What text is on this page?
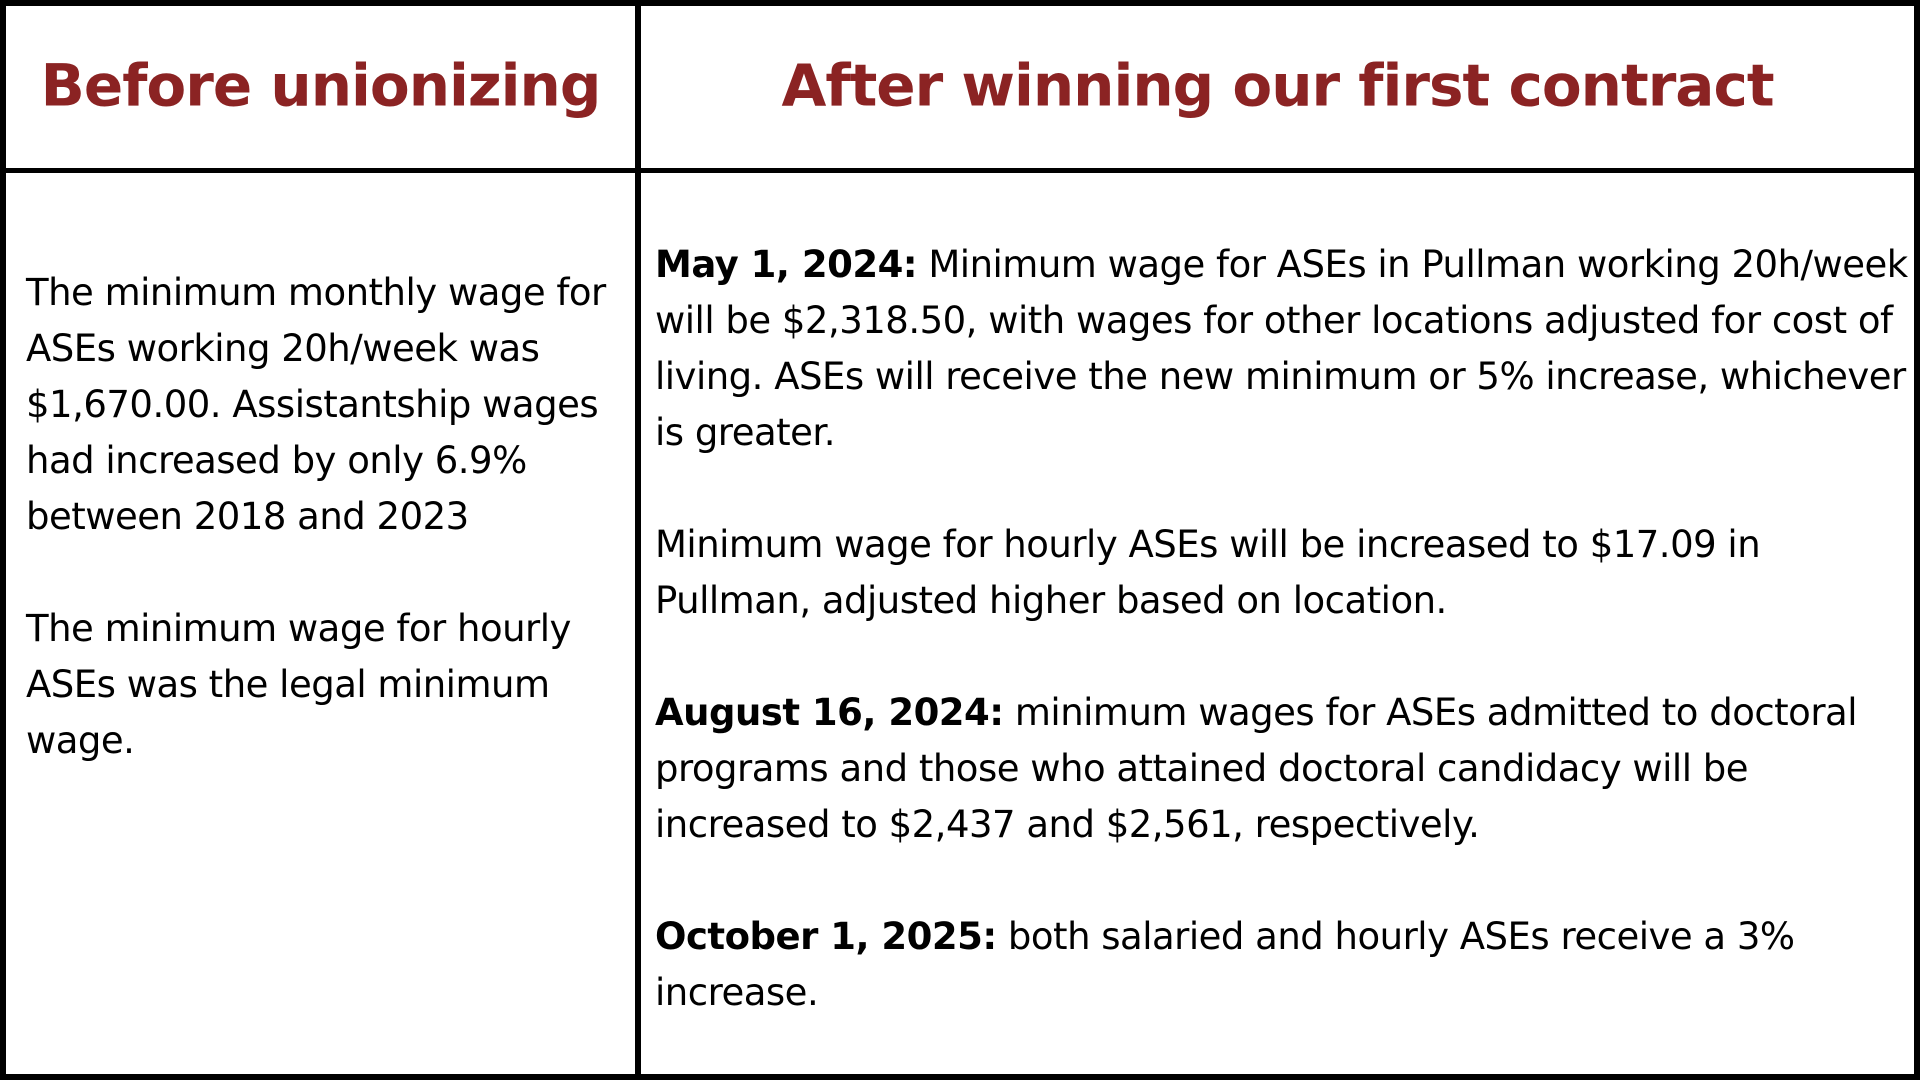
Before unionizing	After winning our first contract

The minimum monthly wage for ASEs working 20h/week was $1,670.00. Assistantship wages had increased by only 6.9% between 2018 and 2023

The minimum wage for hourly ASEs was the legal minimum wage.

May 1, 2024: Minimum wage for ASEs in Pullman working 20h/week will be $2,318.50, with wages for other locations adjusted for cost of living. ASEs will receive the new minimum or 5% increase, whichever is greater.

Minimum wage for hourly ASEs will be increased to $17.09 in Pullman, adjusted higher based on location.

August 16, 2024: minimum wages for ASEs admitted to doctoral programs and those who attained doctoral candidacy will be increased to $2,437 and $2,561, respectively.

October 1, 2025: both salaried and hourly ASEs receive a 3% increase.
